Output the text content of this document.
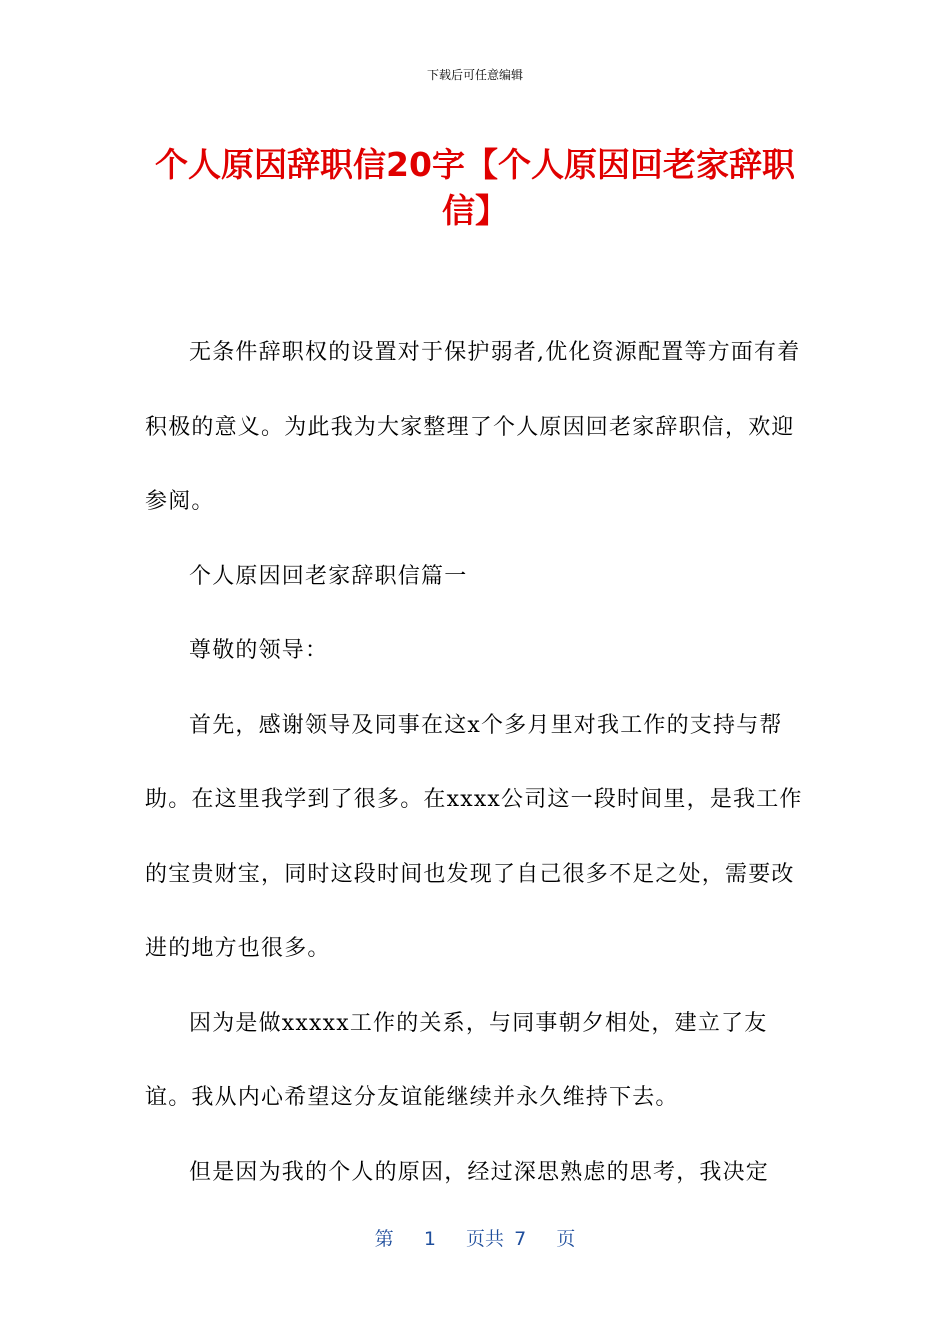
下载后可任意编辑
个人原因辞职信20字【个人原因回老家辞职信】

无条件辞职权的设置对于保护弱者,优化资源配置等方面有着积极的意义。为此我为大家整理了个人原因回老家辞职信，欢迎参阅。

个人原因回老家辞职信篇一

尊敬的领导：

首先，感谢领导及同事在这x个多月里对我工作的支持与帮助。在这里我学到了很多。在xxxx公司这一段时间里，是我工作的宝贵财宝，同时这段时间也发现了自己很多不足之处，需要改进的地方也很多。

因为是做xxxxx工作的关系，与同事朝夕相处，建立了友谊。我从内心希望这分友谊能继续并永久维持下去。

但是因为我的个人的原因，经过深思熟虑的思考，我决定

第 1 页共 7 页
